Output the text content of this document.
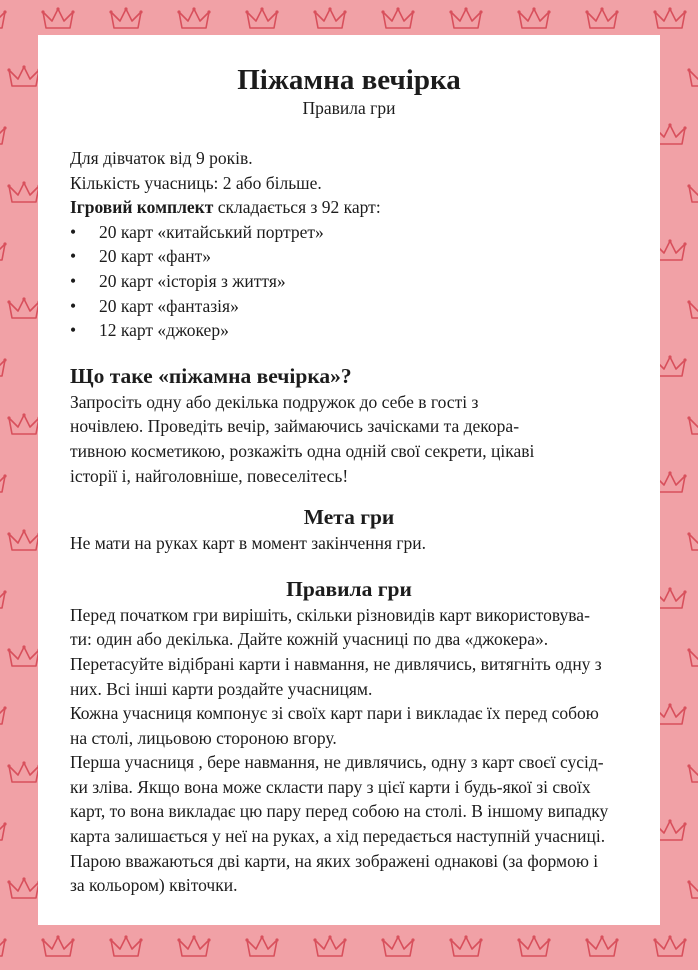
Піжамна вечірка
Правила гри

Для дівчаток від 9 років.

Кількість учасниць: 2 або більше.

Ігровий комплект складається з 92 карт:

• 20 карт «китайський портрет»
• 20 карт «фант»
• 20 карт «історія з життя»
• 20 карт «фантазія»
• 12 карт «джокер»
Що таке «піжамна вечірка»?

Запросіть одну або декілька подружок до себе в гості з

ночівлею. Проведіть вечір, займаючись зачісками та декора-

тивною косметикою, розкажіть одна одній свої секрети, цікаві

історії і, найголовніше, повеселітесь!

Мета гри

Не мати на руках карт в момент закінчення гри.

Правила гри

Перед початком гри вирішіть, скільки різновидів карт використовува-

ти: один або декілька. Дайте кожній учасниці по два «джокера».

Перетасуйте відібрані карти і навмання, не дивлячись, витягніть одну з

них. Всі інші карти роздайте учасницям.

Кожна учасниця компонує зі своїх карт пари і викладає їх перед собою

на столі, лицьовою стороною вгору.

Перша учасниця , бере навмання, не дивлячись, одну з карт своєї сусід-

ки зліва. Якщо вона може скласти пару з цієї карти і будь-якої зі своїх

карт, то вона викладає цю пару перед собою на столі. В іншому випадку

карта залишається у неї на руках, а хід передається наступній учасниці.

Парою вважаються дві карти, на яких зображені однакові (за формою і

за кольором) квіточки.
